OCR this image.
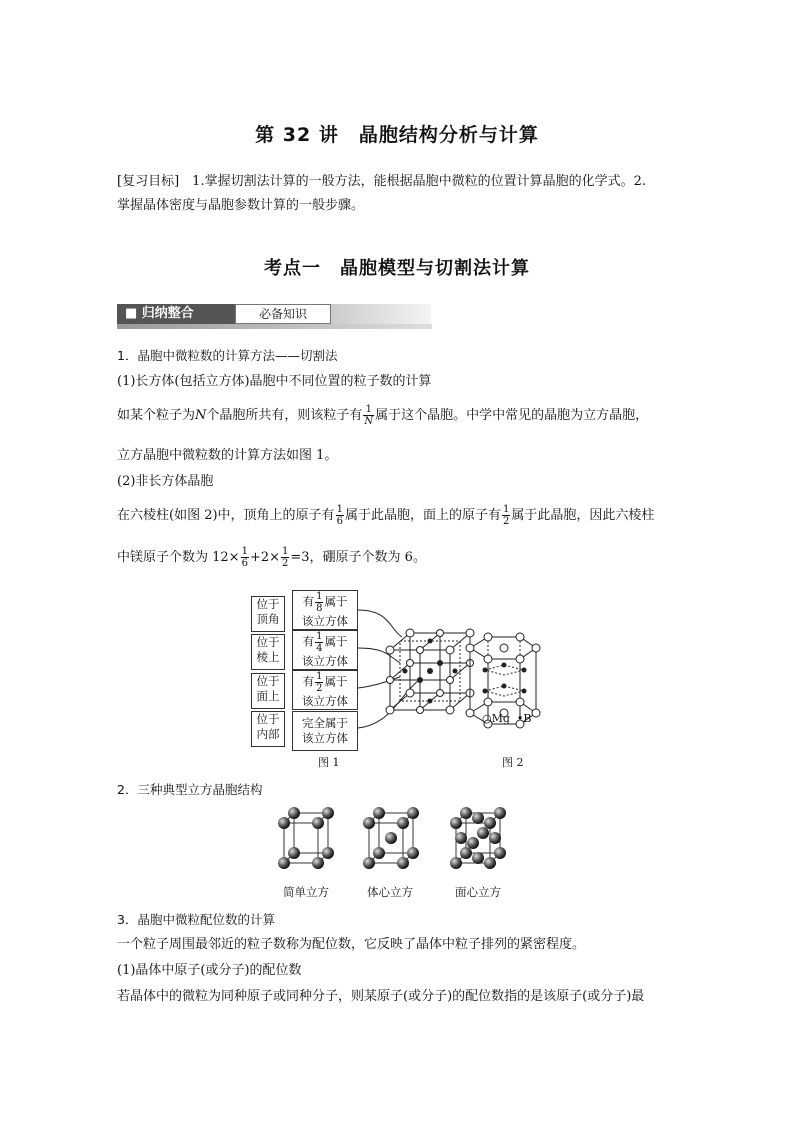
第 32 讲　晶胞结构分析与计算
[复习目标]　 1.掌握切割法计算的一般方法，能根据晶胞中微粒的位置计算晶胞的化学式。2.
掌握晶体密度与晶胞参数计算的一般步骤。
考点一　晶胞模型与切割法计算
■ 归纳整合	必备知识
1．晶胞中微粒数的计算方法——切割法
(1)长方体(包括立方体)晶胞中不同位置的粒子数的计算
如某个粒子为N个晶胞所共有，则该粒子有 $\frac{1}{N}$ 属于这个晶胞。中学中常见的晶胞为立方晶胞，
立方晶胞中微粒数的计算方法如图 1。
(2)非长方体晶胞
在六棱柱(如图 2)中，顶角上的原子有 $\frac{1}{6}$ 属于此晶胞，面上的原子有 $\frac{1}{2}$ 属于此晶胞，因此六棱柱
中镁原子个数为 $12\times \frac{1}{6} +2\times \frac{1}{2} =3$，硼原子个数为 6。
位于
顶角
有 $\frac{1}{8}$ 属于
该立方体
位于
棱上
有 $\frac{1}{4}$ 属于
该立方体
位于
面上
有 $\frac{1}{2}$ 属于
该立方体
位于
内部
完全属于
该立方体
○Mg •B
图 1	图 2
2．三种典型立方晶胞结构
简单立方	体心立方	面心立方
3．晶胞中微粒配位数的计算
一个粒子周围最邻近的粒子数称为配位数，它反映了晶体中粒子排列的紧密程度。
(1)晶体中原子(或分子)的配位数
若晶体中的微粒为同种原子或同种分子，则某原子(或分子)的配位数指的是该原子(或分子)最
